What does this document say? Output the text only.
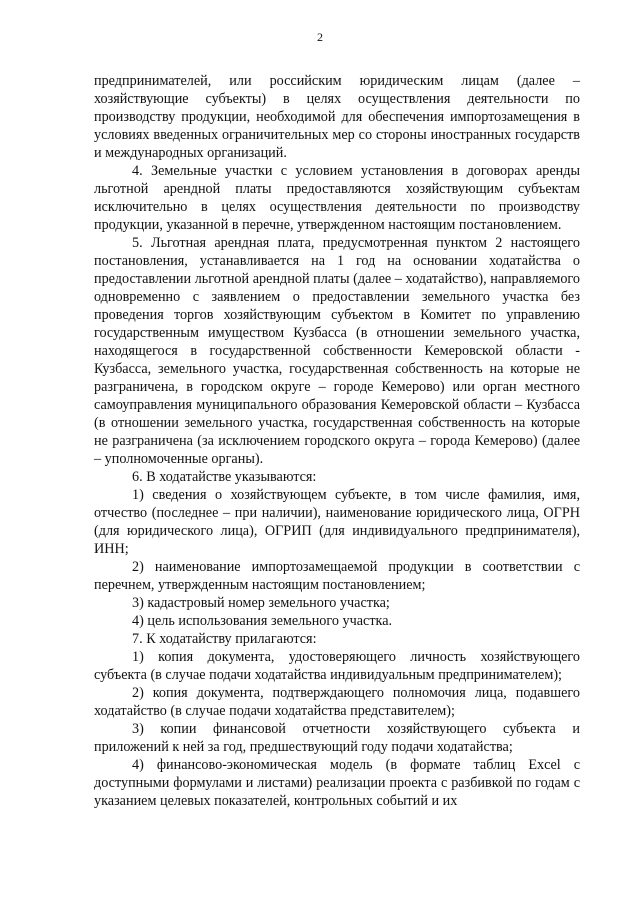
2

предпринимателей, или российским юридическим лицам (далее – хозяйствующие субъекты) в целях осуществления деятельности по производству продукции, необходимой для обеспечения импортозамещения в условиях введенных ограничительных мер со стороны иностранных государств и международных организаций.

4. Земельные участки с условием установления в договорах аренды льготной арендной платы предоставляются хозяйствующим субъектам исключительно в целях осуществления деятельности по производству продукции, указанной в перечне, утвержденном настоящим постановлением.

5. Льготная арендная плата, предусмотренная пунктом 2 настоящего постановления, устанавливается на 1 год на основании ходатайства о предоставлении льготной арендной платы (далее – ходатайство), направляемого одновременно с заявлением о предоставлении земельного участка без проведения торгов хозяйствующим субъектом в Комитет по управлению государственным имуществом Кузбасса (в отношении земельного участка, находящегося в государственной собственности Кемеровской области - Кузбасса, земельного участка, государственная собственность на которые не разграничена, в городском округе – городе Кемерово) или орган местного самоуправления муниципального образования Кемеровской области – Кузбасса (в отношении земельного участка, государственная собственность на которые не разграничена (за исключением городского округа – города Кемерово) (далее – уполномоченные органы).

6. В ходатайстве указываются:

1) сведения о хозяйствующем субъекте, в том числе фамилия, имя, отчество (последнее – при наличии), наименование юридического лица, ОГРН (для юридического лица), ОГРИП (для индивидуального предпринимателя), ИНН;

2) наименование импортозамещаемой продукции в соответствии с перечнем, утвержденным настоящим постановлением;

3) кадастровый номер земельного участка;

4) цель использования земельного участка.

7. К ходатайству прилагаются:

1) копия документа, удостоверяющего личность хозяйствующего субъекта (в случае подачи ходатайства индивидуальным предпринимателем);

2) копия документа, подтверждающего полномочия лица, подавшего ходатайство (в случае подачи ходатайства представителем);

3) копии финансовой отчетности хозяйствующего субъекта и приложений к ней за год, предшествующий году подачи ходатайства;

4) финансово-экономическая модель (в формате таблиц Excel с доступными формулами и листами) реализации проекта с разбивкой по годам с указанием целевых показателей, контрольных событий и их
